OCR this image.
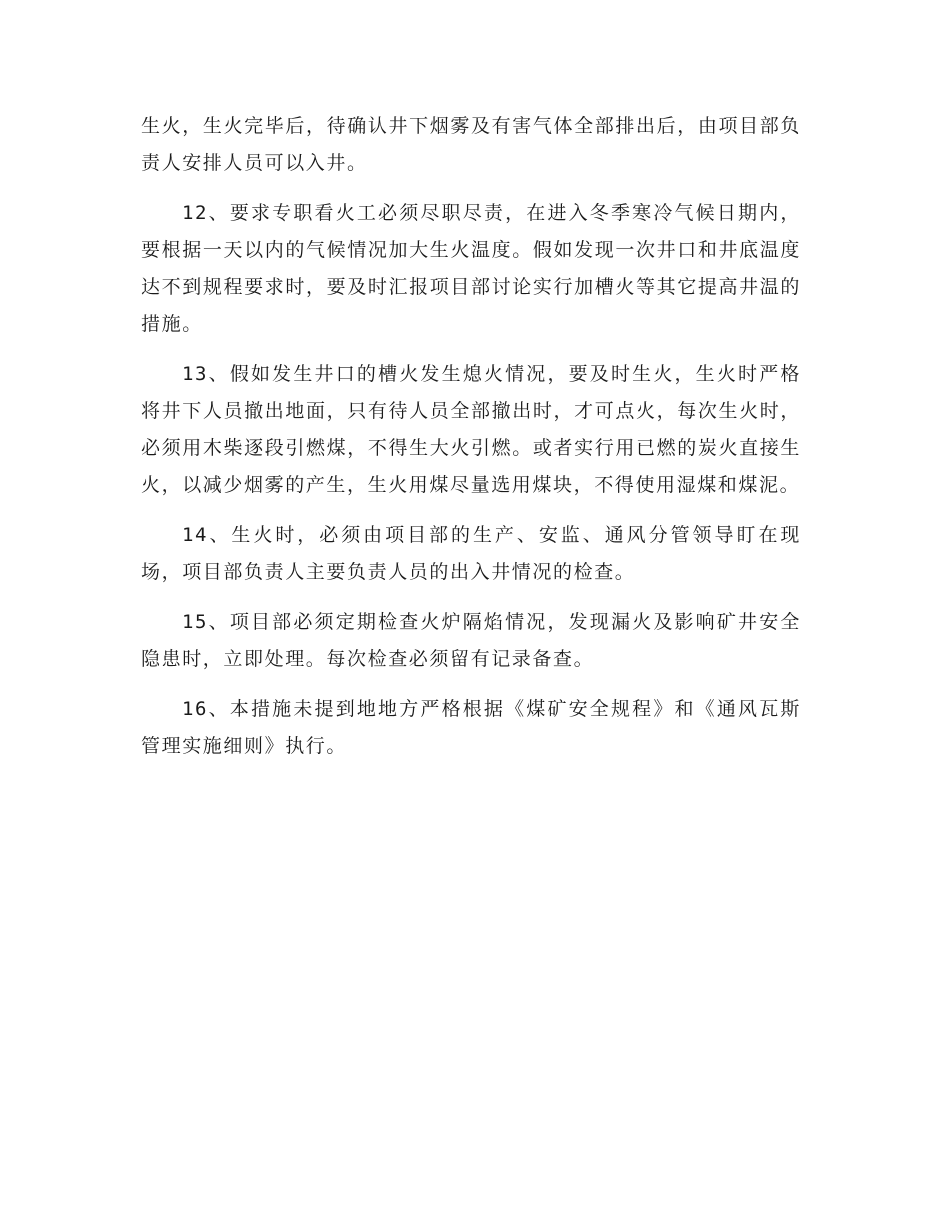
生火，生火完毕后，待确认井下烟雾及有害气体全部排出后，由项目部负责人安排人员可以入井。

12、要求专职看火工必须尽职尽责，在进入冬季寒冷气候日期内，要根据一天以内的气候情况加大生火温度。假如发现一次井口和井底温度达不到规程要求时，要及时汇报项目部讨论实行加槽火等其它提高井温的措施。

13、假如发生井口的槽火发生熄火情况，要及时生火，生火时严格将井下人员撤出地面，只有待人员全部撤出时，才可点火，每次生火时，必须用木柴逐段引燃煤，不得生大火引燃。或者实行用已燃的炭火直接生火，以减少烟雾的产生，生火用煤尽量选用煤块，不得使用湿煤和煤泥。

14、生火时，必须由项目部的生产、安监、通风分管领导盯在现场，项目部负责人主要负责人员的出入井情况的检查。

15、项目部必须定期检查火炉隔焰情况，发现漏火及影响矿井安全隐患时，立即处理。每次检查必须留有记录备查。

16、本措施未提到地地方严格根据《煤矿安全规程》和《通风瓦斯管理实施细则》执行。
